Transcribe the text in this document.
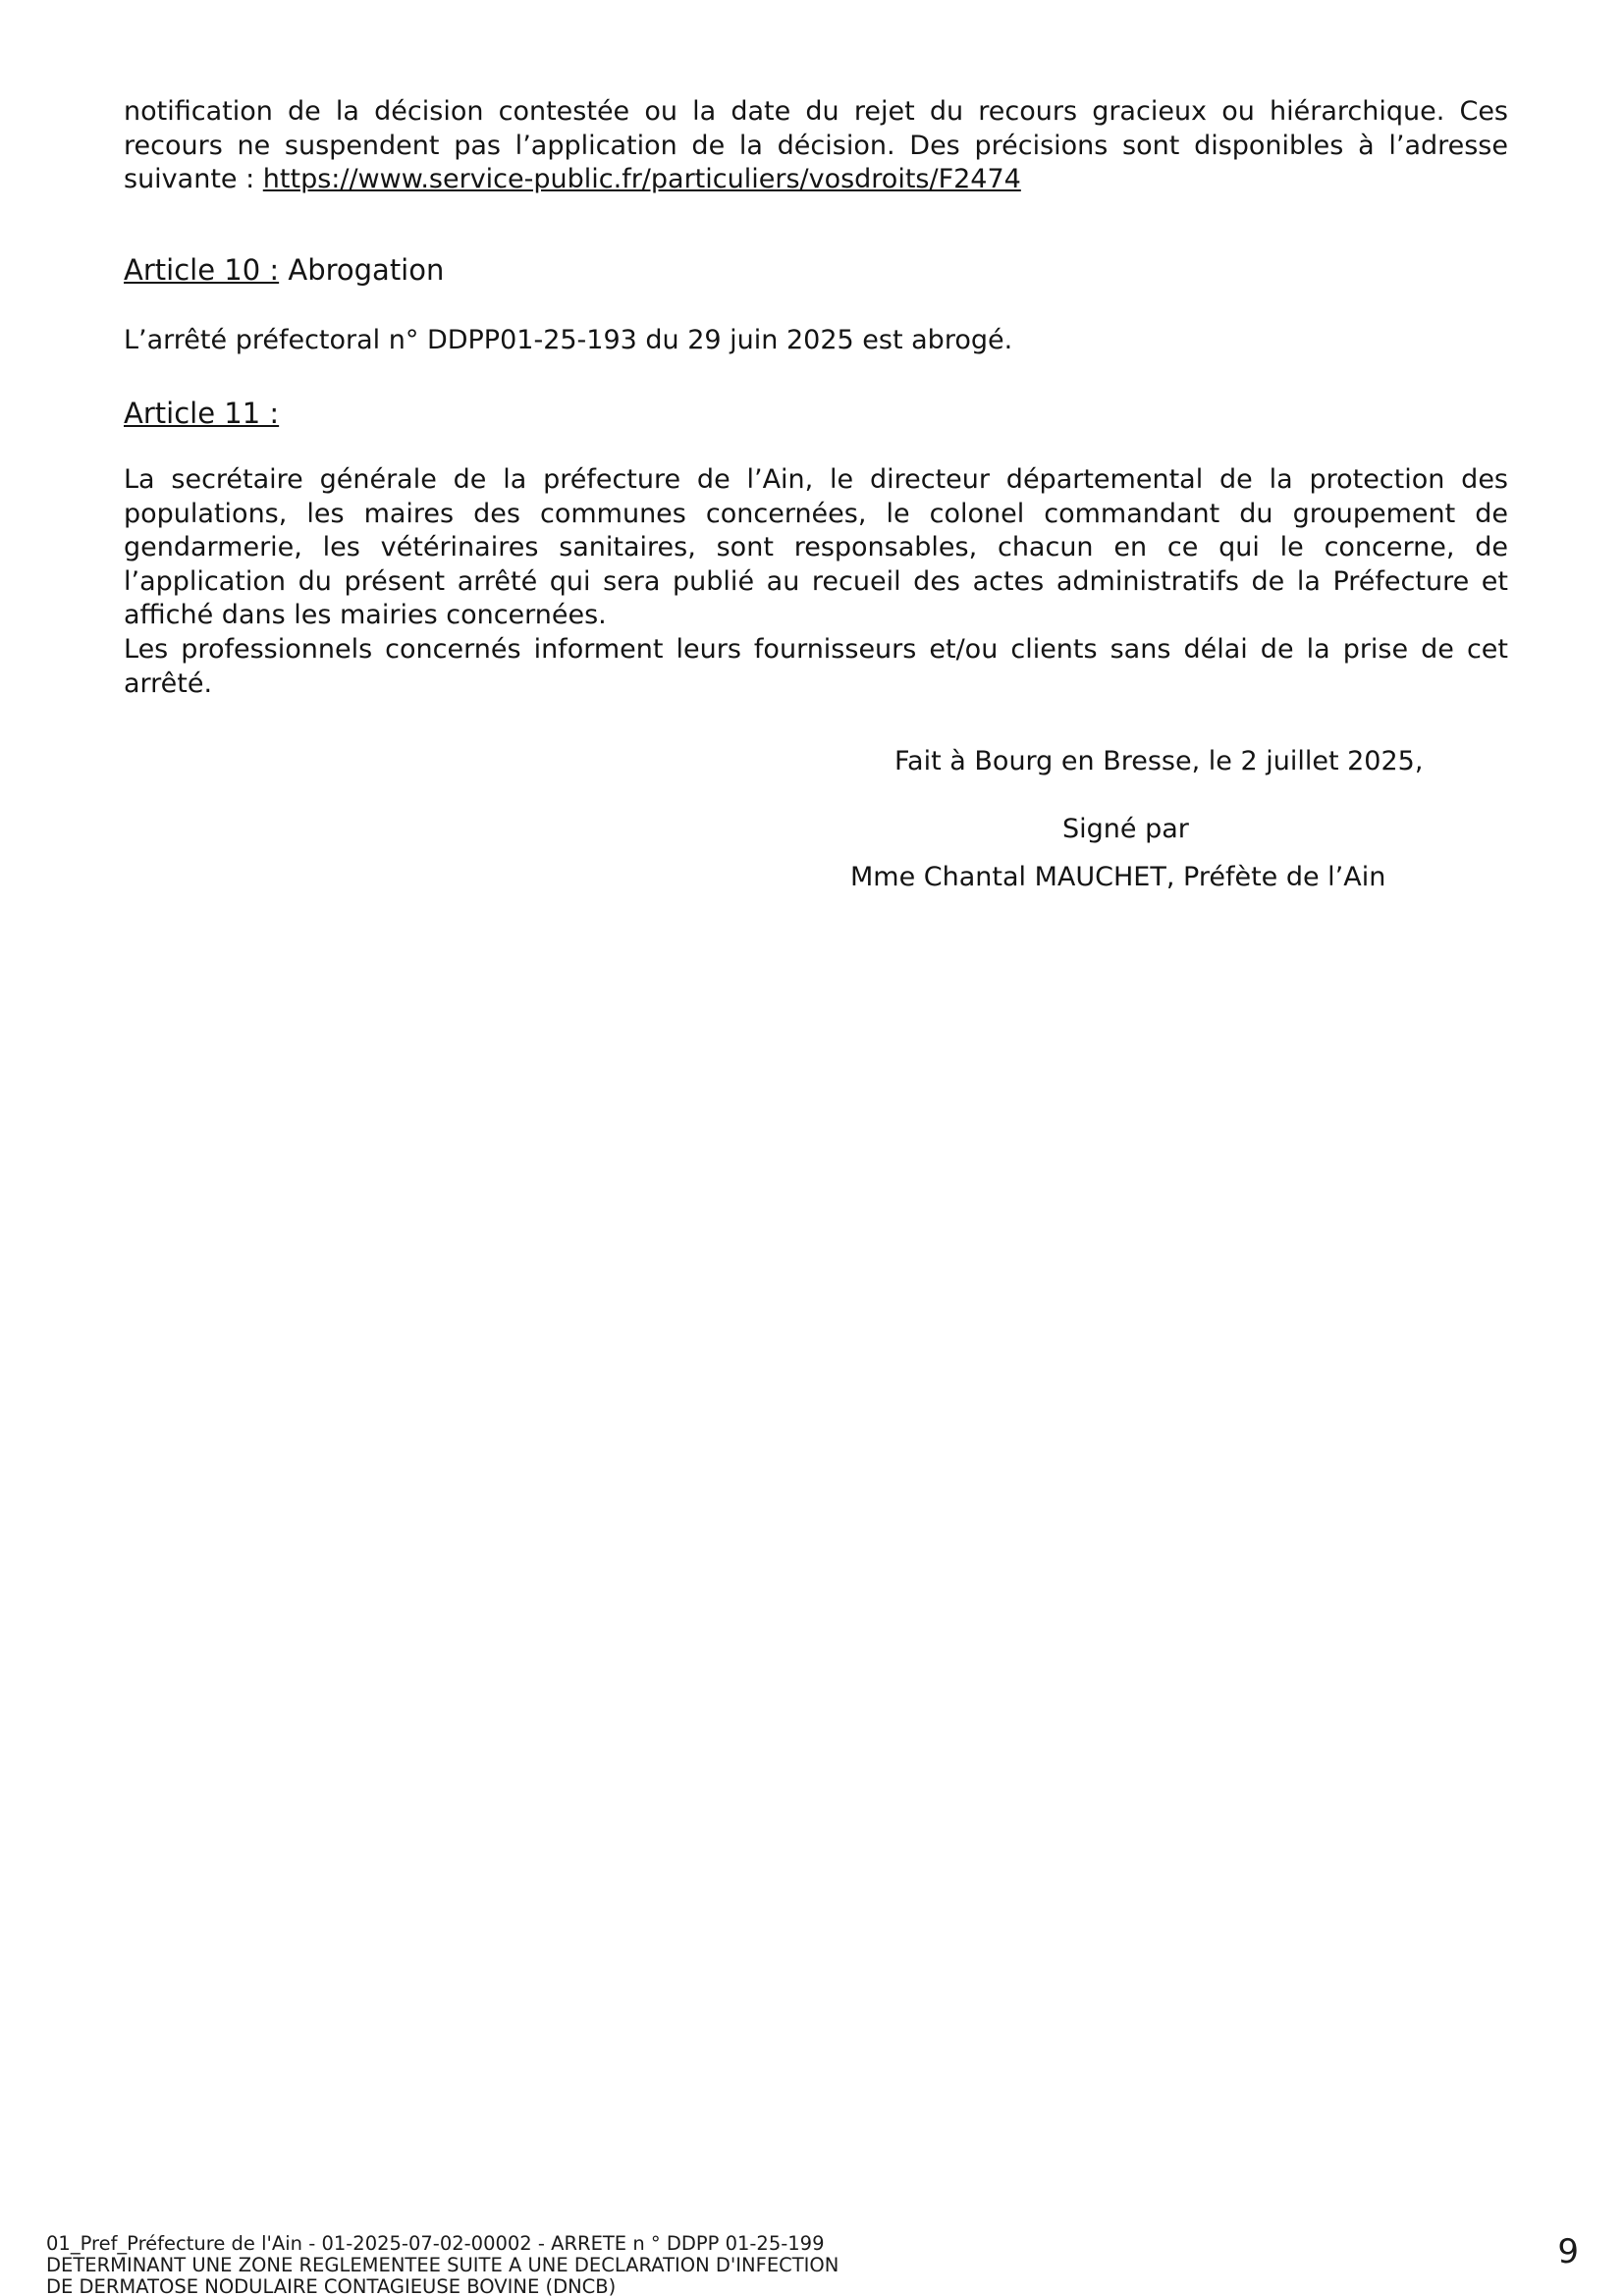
notification de la décision contestée ou la date du rejet du recours gracieux ou hiérarchique. Ces recours ne suspendent pas l’application de la décision. Des précisions sont disponibles à l’adresse suivante : https://www.service-public.fr/particuliers/vosdroits/F2474
Article 10 : Abrogation
L’arrêté préfectoral n° DDPP01-25-193 du 29 juin 2025 est abrogé.
Article 11 :
La secrétaire générale de la préfecture de l’Ain, le directeur départemental de la protection des populations, les maires des communes concernées, le colonel commandant du groupement de gendarmerie, les vétérinaires sanitaires, sont responsables, chacun en ce qui le concerne, de l’application du présent arrêté qui sera publié au recueil des actes administratifs de la Préfecture et affiché dans les mairies concernées.
Les professionnels concernés informent leurs fournisseurs et/ou clients sans délai de la prise de cet arrêté.
Fait à Bourg en Bresse, le 2 juillet 2025,
Signé par
Mme Chantal MAUCHET, Préfète de l’Ain
01_Pref_Préfecture de l'Ain - 01-2025-07-02-00002 - ARRETE n ° DDPP 01-25-199
DETERMINANT UNE ZONE REGLEMENTEE SUITE A UNE DECLARATION D'INFECTION
DE DERMATOSE NODULAIRE CONTAGIEUSE BOVINE (DNCB)
9
